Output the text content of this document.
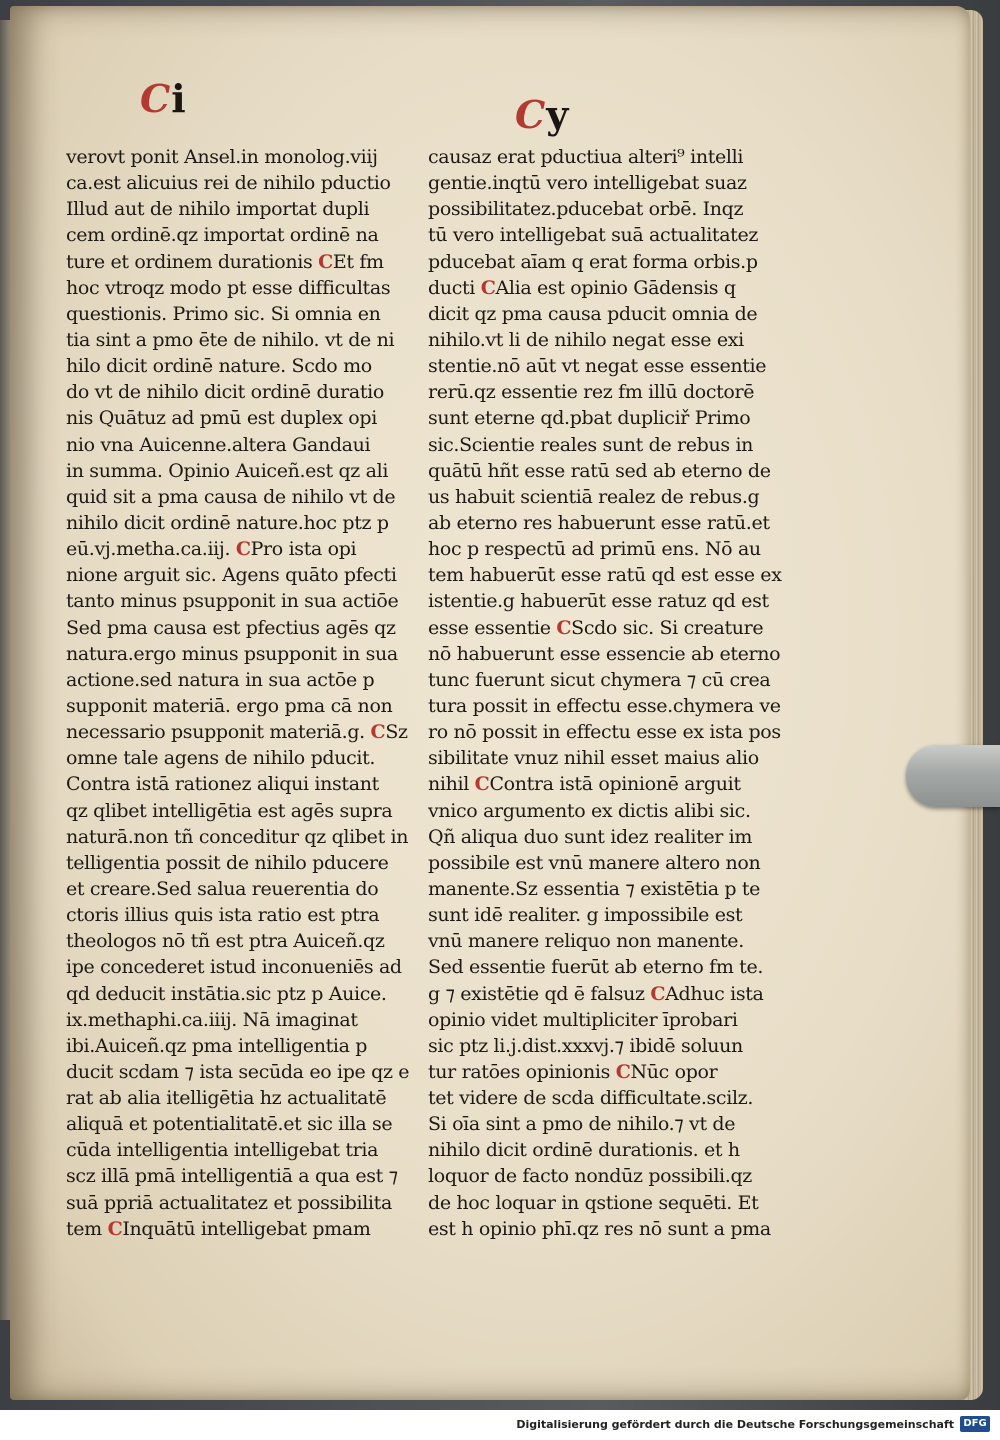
Ci	Cy
verovt ponit Ansel.in monolog.viij
ca.est alicuius rei de nihilo pductio
Illud aut de nihilo importat dupli
cem ordinē.qz importat ordinē na
ture et ordinem durationis CEt fm
hoc vtroqz modo pt esse difficultas
questionis. Primo sic. Si omnia en
tia sint a pmo ēte de nihilo. vt de ni
hilo dicit ordinē nature. Scdo mo
do vt de nihilo dicit ordinē duratio
nis Quātuz ad pmū est duplex opi
nio vna Auicenne.altera Gandaui
in summa. Opinio Auiceñ.est qz ali
quid sit a pma causa de nihilo vt de
nihilo dicit ordinē nature.hoc ptz p
eū.vj.metha.ca.iij. CPro ista opi
nione arguit sic. Agens quāto pfecti
tanto minus psupponit in sua actiōe
Sed pma causa est pfectius agēs qz
natura.ergo minus psupponit in sua
actione.sed natura in sua actōe p
supponit materiā. ergo pma cā non
necessario psupponit materiā.g. CSz
omne tale agens de nihilo pducit.
Contra istā rationez aliqui instant
qz qlibet intelligētia est agēs supra
naturā.non tñ conceditur qz qlibet in
telligentia possit de nihilo pducere
et creare.Sed salua reuerentia do
ctoris illius quis ista ratio est ptra
theologos nō tñ est ptra Auiceñ.qz
ipe concederet istud inconueniēs ad
qd deducit instātia.sic ptz p Auice.
ix.methaphi.ca.iiij. Nā imaginat
ibi.Auiceñ.qz pma intelligentia p
ducit scdam ⁊ ista secūda eo ipe qz e
rat ab alia itelligētia hz actualitatē
aliquā et potentialitatē.et sic illa se
cūda intelligentia intelligebat tria
scz illā pmā intelligentiā a qua est ⁊
suā ppriā actualitatez et possibilita
tem CInquātū intelligebat pmam
causaz erat pductiua alteri⁹ intelli
gentie.inqtū vero intelligebat suaz
possibilitatez.pducebat orbē. Inqz
tū vero intelligebat suā actualitatez
pducebat aīam q erat forma orbis.p
ducti CAlia est opinio Gādensis q
dicit qz pma causa pducit omnia de
nihilo.vt li de nihilo negat esse exi
stentie.nō aūt vt negat esse essentie
rerū.qz essentie rez fm illū doctorē
sunt eterne qd.pbat dupliciř Primo
sic.Scientie reales sunt de rebus in
quātū hñt esse ratū sed ab eterno de
us habuit scientiā realez de rebus.g
ab eterno res habuerunt esse ratū.et
hoc p respectū ad primū ens. Nō au
tem habuerūt esse ratū qd est esse ex
istentie.g habuerūt esse ratuz qd est
esse essentie CScdo sic. Si creature
nō habuerunt esse essencie ab eterno
tunc fuerunt sicut chymera ⁊ cū crea
tura possit in effectu esse.chymera ve
ro nō possit in effectu esse ex ista pos
sibilitate vnuz nihil esset maius alio
nihil CContra istā opinionē arguit
vnico argumento ex dictis alibi sic.
Qñ aliqua duo sunt idez realiter im
possibile est vnū manere altero non
manente.Sz essentia ⁊ existētia p te
sunt idē realiter. g impossibile est
vnū manere reliquo non manente.
Sed essentie fuerūt ab eterno fm te.
g ⁊ existētie qd ē falsuz CAdhuc ista
opinio videt multipliciter īprobari
sic ptz li.j.dist.xxxvj.⁊ ibidē soluun
tur ratōes opinionis CNūc opor
tet videre de scda difficultate.scilz.
Si oīa sint a pmo de nihilo.⁊ vt de
nihilo dicit ordinē durationis. et h
loquor de facto nondūz possibili.qz
de hoc loquar in qstione sequēti. Et
est h opinio phī.qz res nō sunt a pma
Digitalisierung gefördert durch die Deutsche Forschungsgemeinschaft DFG
